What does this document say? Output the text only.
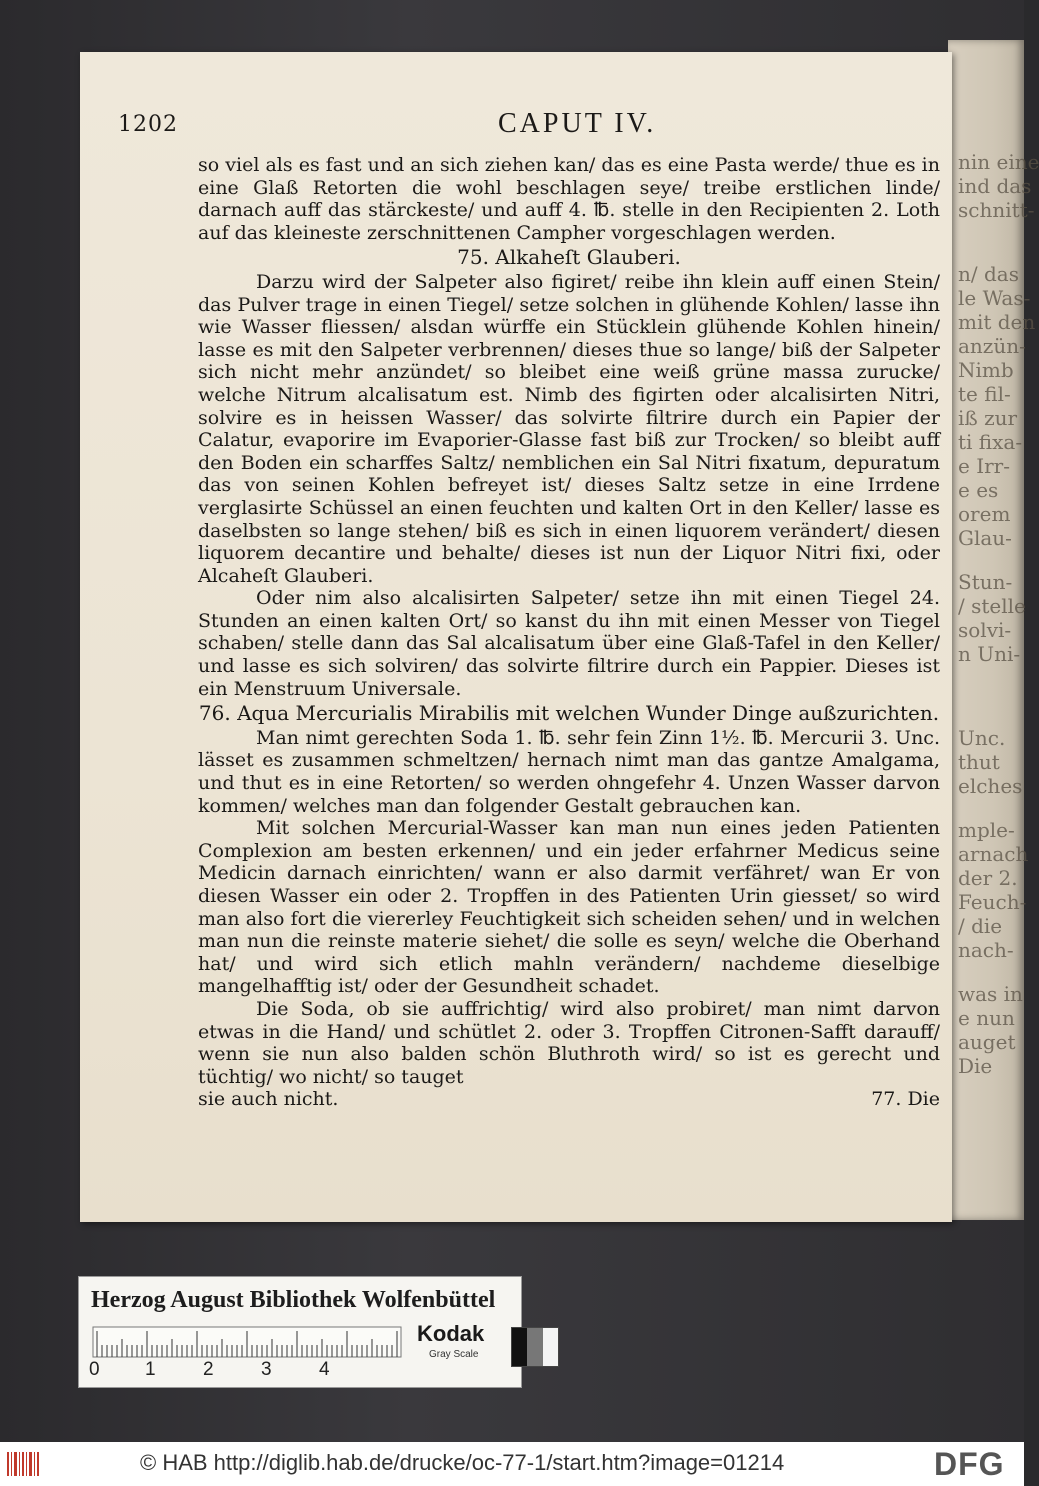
nin eine
ind das
schnitt-
n/ das
le Was-
mit den
anzün-
Nimb
te fil-
iß zur
ti fixa-
e Irr-
e es
orem
Glau-
Stun-
/ stelle
solvi-
n Uni-
Unc.
thut
elches
mple-
arnach
der 2.
Feuch-
/ die
nach-
was in
e nun
auget
Die
1202	CAPUT IV.

so viel als es fast und an sich ziehen kan/ das es eine Pasta werde/ thue es in eine Glaß Retorten die wohl beschlagen seye/ treibe erstlichen linde/ darnach auff das stärckeste/ und auff 4. ℔. stelle in den Recipienten 2. Loth auf das kleineste zerschnittenen Campher vorgeschlagen werden.

75. Alkaheſt Glauberi.

Darzu wird der Salpeter also figiret/ reibe ihn klein auff einen Stein/ das Pulver trage in einen Tiegel/ setze solchen in glühende Kohlen/ lasse ihn wie Wasser fliessen/ alsdan würffe ein Stücklein glühende Kohlen hinein/ lasse es mit den Salpeter verbrennen/ dieses thue so lange/ biß der Salpeter sich nicht mehr anzündet/ so bleibet eine weiß grüne massa zurucke/ welche Nitrum alcalisatum est. Nimb des figirten oder alcalisirten Nitri, solvire es in heissen Wasser/ das solvirte filtrire durch ein Papier der Calatur, evaporire im Evaporier-Glasse fast biß zur Trocken/ so bleibt auff den Boden ein scharffes Saltz/ nemblichen ein Sal Nitri fixatum, depuratum das von seinen Kohlen befreyet ist/ dieses Saltz setze in eine Irrdene verglasirte Schüssel an einen feuchten und kalten Ort in den Keller/ lasse es daselbsten so lange stehen/ biß es sich in einen liquorem verändert/ diesen liquorem decantire und behalte/ dieses ist nun der Liquor Nitri fixi, oder Alcaheſt Glauberi.

Oder nim also alcalisirten Salpeter/ setze ihn mit einen Tiegel 24. Stunden an einen kalten Ort/ so kanst du ihn mit einen Messer von Tiegel schaben/ stelle dann das Sal alcalisatum über eine Glaß-Tafel in den Keller/ und lasse es sich solviren/ das solvirte filtrire durch ein Pappier. Dieses ist ein Menstruum Universale.

76. Aqua Mercurialis Mirabilis mit welchen Wunder Dinge außzurichten.

Man nimt gerechten Soda 1. ℔. sehr fein Zinn 1½. ℔. Mercurii 3. Unc. lässet es zusammen schmeltzen/ hernach nimt man das gantze Amalgama, und thut es in eine Retorten/ so werden ohngefehr 4. Unzen Wasser darvon kommen/ welches man dan folgender Gestalt gebrauchen kan.

Mit solchen Mercurial-Wasser kan man nun eines jeden Patienten Complexion am besten erkennen/ und ein jeder erfahrner Medicus seine Medicin darnach einrichten/ wann er also darmit verfähret/ wan Er von diesen Wasser ein oder 2. Tropffen in des Patienten Urin giesset/ so wird man also fort die viererley Feuchtigkeit sich scheiden sehen/ und in welchen man nun die reinste materie siehet/ die solle es seyn/ welche die Oberhand hat/ und wird sich etlich mahln verändern/ nachdeme dieselbige mangelhafftig ist/ oder der Gesundheit schadet.

Die Soda, ob sie auffrichtig/ wird also probiret/ man nimt darvon etwas in die Hand/ und schütlet 2. oder 3. Tropffen Citronen-Safft darauff/ wenn sie nun also balden schön Bluthroth wird/ so ist es gerecht und tüchtig/ wo nicht/ so tauget

sie auch nicht.	77. Die
Herzog August Bibliothek Wolfenbüttel
0 1 2 3 4
Kodak
Gray Scale
© HAB http://diglib.hab.de/drucke/oc-77-1/start.htm?image=01214	DFG
